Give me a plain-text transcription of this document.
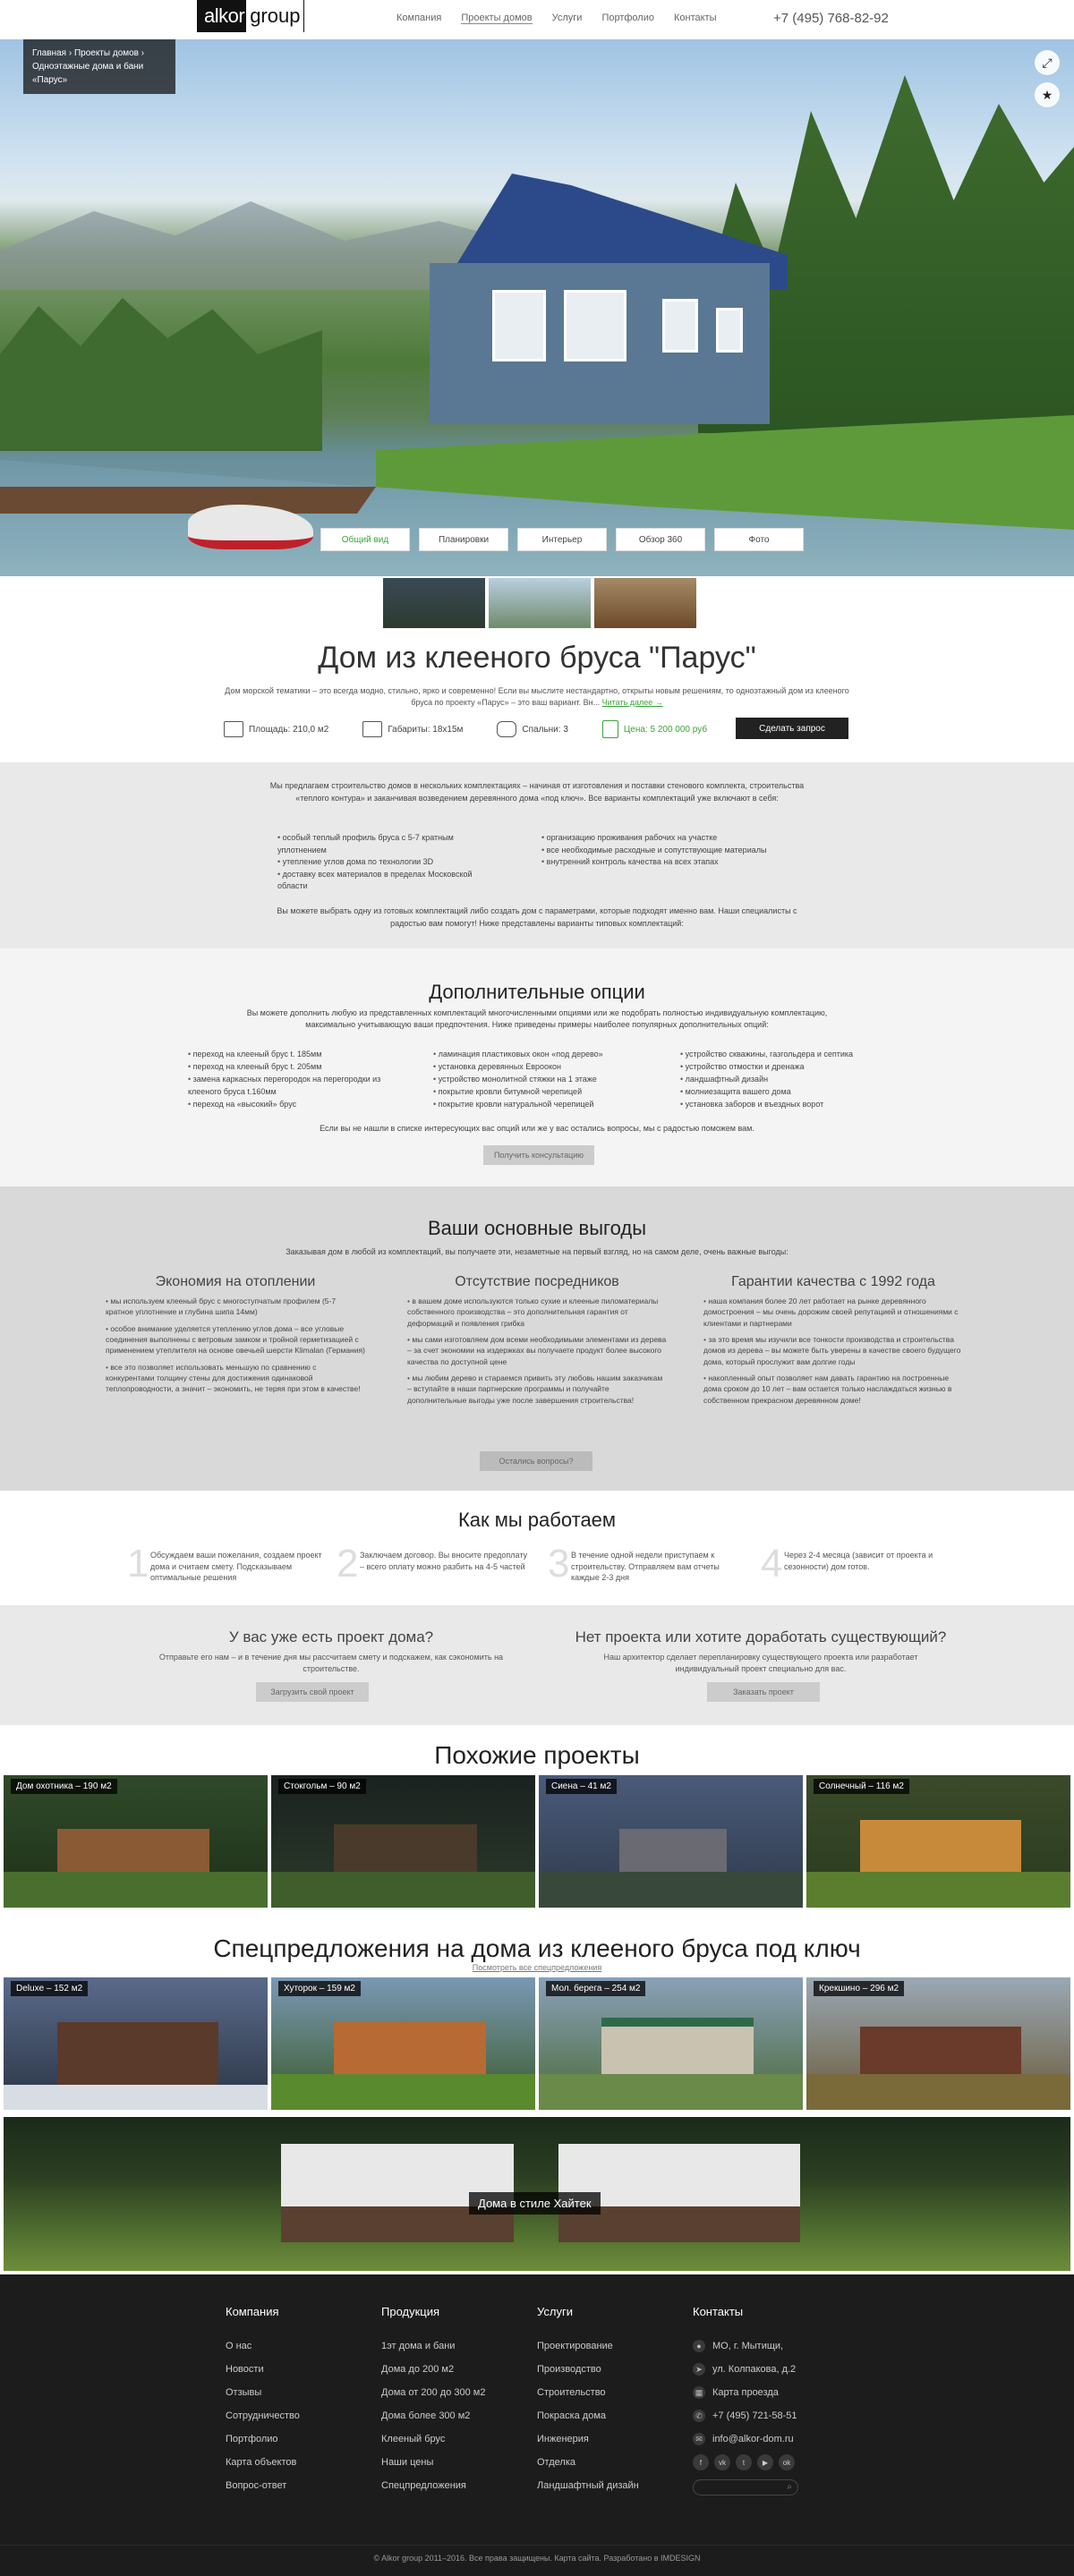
alkor group	Компания Проекты домов Услуги Портфолио Контакты	+7 (495) 768-82-92
Главная › Проекты домов ›
Одноэтажные дома и бани «Парус»
⤢
★
Общий вид	Планировки	Интерьер	Обзор 360	Фото
Дом из клееного бруса "Парус"
Дом морской тематики – это всегда модно, стильно, ярко и современно! Если вы мыслите нестандартно, открыты новым решениям, то одноэтажный дом из клееного бруса по проекту «Парус» – это ваш вариант. Вн... Читать далее →
Площадь: 210,0 м2	Габариты: 18х15м	Спальни: 3	Цена: 5 200 000 руб	Сделать запрос

Мы предлагаем строительство домов в нескольких комплектациях – начиная от изготовления и поставки стенового комплекта, строительства «теплого контура» и заканчивая возведением деревянного дома «под ключ». Все варианты комплектаций уже включают в себя:

• особый теплый профиль бруса с 5-7 кратным уплотнением
• утепление углов дома по технологии 3D
• доставку всех материалов в пределах Московской области
• организацию проживания рабочих на участке
• все необходимые расходные и сопутствующие материалы
• внутренний контроль качества на всех этапах

Вы можете выбрать одну из готовых комплектаций либо создать дом с параметрами, которые подходят именно вам. Наши специалисты с радостью вам помогут! Ниже представлены варианты типовых комплектаций:

Дополнительные опции

Вы можете дополнить любую из представленных комплектаций многочисленными опциями или же подобрать полностью индивидуальную комплектацию, максимально учитывающую ваши предпочтения. Ниже приведены примеры наиболее популярных дополнительных опций:

• переход на клееный брус t. 185мм
• переход на клееный брус t. 205мм
• замена каркасных перегородок на перегородки из клееного бруса t.160мм
• переход на «высокий» брус
• ламинация пластиковых окон «под дерево»
• установка деревянных Евроокон
• устройство монолитной стяжки на 1 этаже
• покрытие кровли битумной черепицей
• покрытие кровли натуральной черепицей
• устройство скважины, газгольдера и септика
• устройство отмостки и дренажа
• ландшафтный дизайн
• молниезащита вашего дома
• установка заборов и въездных ворот

Если вы не нашли в списке интересующих вас опций или же у вас остались вопросы, мы с радостью поможем вам.

Получить консультацию
Ваши основные выгоды

Заказывая дом в любой из комплектаций, вы получаете эти, незаметные на первый взгляд, но на самом деле, очень важные выгоды:

Экономия на отоплении
• мы используем клееный брус с многоступчатым профилем (5-7 кратное уплотнение и глубина шипа 14мм)
• особое внимание уделяется утеплению углов дома – все угловые соединения выполнены с ветровым замком и тройной герметизацией с применением утеплителя на основе овечьей шерсти Klimalan (Германия)
• все это позволяет использовать меньшую по сравнению с конкурентами толщину стены для достижения одинаковой теплопроводности, а значит – экономить, не теряя при этом в качестве!
Отсутствие посредников
• в вашем доме используются только сухие и клееные пиломатериалы собственного производства – это дополнительная гарантия от деформаций и появления грибка
• мы сами изготовляем дом всеми необходимыми элементами из дерева – за счет экономии на издержках вы получаете продукт более высокого качества по доступной цене
• мы любим дерево и стараемся привить эту любовь нашим заказчикам – вступайте в наши партнерские программы и получайте дополнительные выгоды уже после завершения строительства!
Гарантии качества с 1992 года
• наша компания более 20 лет работает на рынке деревянного домостроения – мы очень дорожим своей репутацией и отношениями с клиентами и партнерами
• за это время мы изучили все тонкости производства и строительства домов из дерева – вы можете быть уверены в качестве своего будущего дома, который прослужит вам долгие годы
• накопленный опыт позволяет нам давать гарантию на построенные дома сроком до 10 лет – вам остается только наслаждаться жизнью в собственном прекрасном деревянном доме!
Остались вопросы?
Как мы работаем
1 Обсуждаем ваши пожелания, создаем проект дома и считаем смету. Подсказываем оптимальные решения	2 Заключаем договор. Вы вносите предоплату – всего оплату можно разбить на 4-5 частей 3 В течение одной недели приступаем к строительству. Отправляем вам отчеты каждые 2-3 дня	4 Через 2-4 месяца (зависит от проекта и сезонности) дом готов.
У вас уже есть проект дома?

Отправьте его нам – и в течение дня мы рассчитаем смету и подскажем, как сэкономить на строительстве.

Загрузить свой проект
Нет проекта или хотите доработать существующий?

Наш архитектор сделает перепланировку существующего проекта или разработает индивидуальный проект специально для вас.

Заказать проект
Похожие проекты
Дом охотника – 190 м2	Стокгольм – 90 м2	Сиена – 41 м2	Солнечный – 116 м2
Спецпредложения на дома из клееного бруса под ключ
Посмотреть все спецпредложения
Deluxe – 152 м2	Хуторок – 159 м2	Мол. берега – 254 м2	Крекшино – 296 м2
Дома в стиле Хайтек
Компания
О нас
Новости
Отзывы
Сотрудничество
Портфолио
Карта объектов
Вопрос-ответ
Продукция
1эт дома и бани
Дома до 200 м2
Дома от 200 до 300 м2
Дома более 300 м2
Клееный брус
Наши цены
Спецпредложения
Услуги
Проектирование
Производство
Строительство
Покраска дома
Инженерия
Отделка
Ландшафтный дизайн
Контакты
●	МО, г. Мытищи,
➤ ул. Колпакова, д.2
▦ Карта проезда
✆ +7 (495) 721-58-51
✉ info@alkor-dom.ru
f	vk	t	▶	ok
⌕
© Alkor group 2011–2016. Все права защищены. Карта сайта. Разработано в IMDESIGN
